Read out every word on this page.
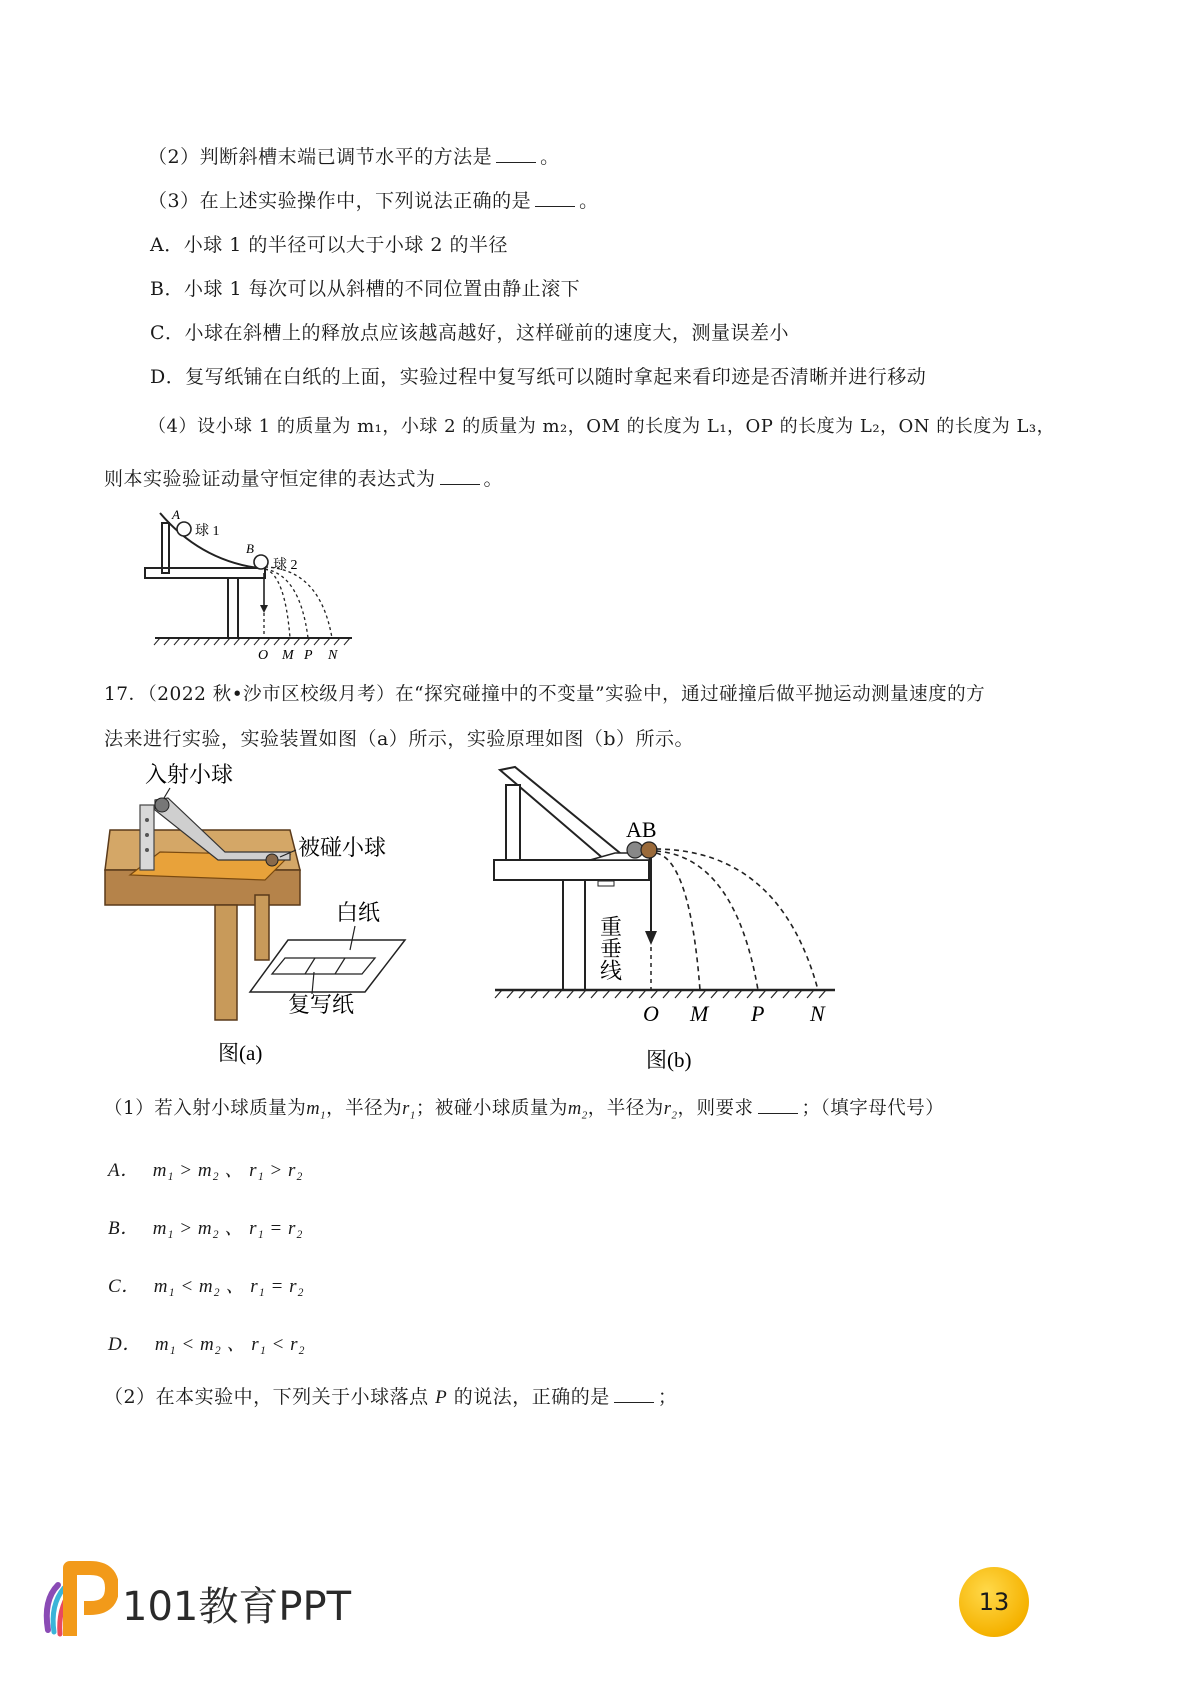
（2）判断斜槽末端已调节水平的方法是	。
（3）在上述实验操作中，下列说法正确的是	。
A．小球 1 的半径可以大于小球 2 的半径
B．小球 1 每次可以从斜槽的不同位置由静止滚下
C．小球在斜槽上的释放点应该越高越好，这样碰前的速度大，测量误差小
D．复写纸铺在白纸的上面，实验过程中复写纸可以随时拿起来看印迹是否清晰并进行移动
（4）设小球 1 的质量为 m₁，小球 2 的质量为 m₂，OM 的长度为 L₁，OP 的长度为 L₂，ON 的长度为 L₃，
则本实验验证动量守恒定律的表达式为	。
A
B
球 1
球 2
O M P N
17．（2022 秋•沙市区校级月考）在“探究碰撞中的不变量”实验中，通过碰撞后做平抛运动测量速度的方
法来进行实验，实验装置如图（a）所示，实验原理如图（b）所示。
入射小球
被碰小球
白纸
复写纸
图(a)
AB
重垂线
O M P N
图(b)
（1）若入射小球质量为$m_1$，半径为$r_1$；被碰小球质量为$m_2$，半径为$r_2$，则要求	；（填字母代号）
A． m₁ > m₂ 、 r₁ > r₂
B． m₁ > m₂ 、 r₁ = r₂
C． m₁ < m₂ 、 r₁ = r₂
D． m₁ < m₂ 、 r₁ < r₂
（2）在本实验中，下列关于小球落点 P 的说法，正确的是	；
101教育PPT	13
